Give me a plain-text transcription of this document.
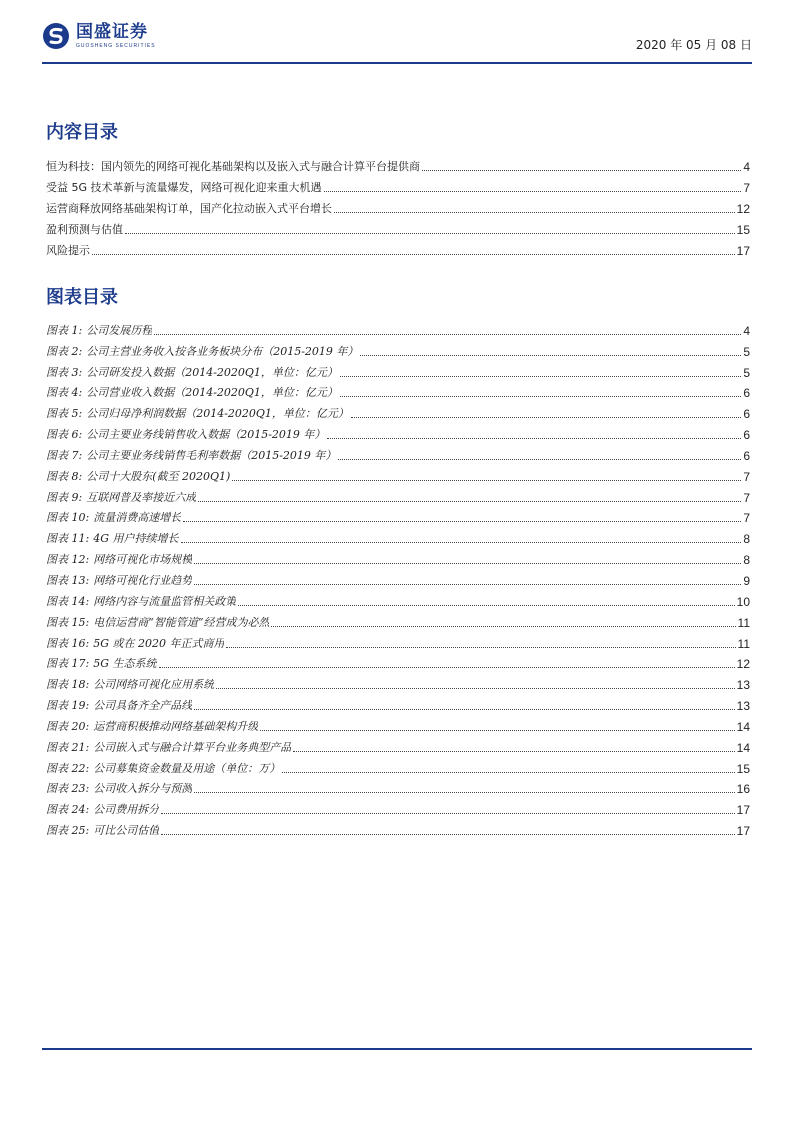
国盛证券
GUOSHENG SECURITIES	2020 年 05 月 08 日
内容目录
恒为科技：国内领先的网络可视化基础架构以及嵌入式与融合计算平台提供商	4
受益 5G 技术革新与流量爆发，网络可视化迎来重大机遇	7
运营商释放网络基础架构订单，国产化拉动嵌入式平台增长	12
盈利预测与估值	15
风险提示	17
图表目录
图表 1: 公司发展历程	4
图表 2: 公司主营业务收入按各业务板块分布（2015-2019 年）	5
图表 3: 公司研发投入数据（2014-2020Q1，单位：亿元）	5
图表 4: 公司营业收入数据（2014-2020Q1，单位：亿元）	6
图表 5: 公司归母净利润数据（2014-2020Q1，单位：亿元）	6
图表 6: 公司主要业务线销售收入数据（2015-2019 年）	6
图表 7: 公司主要业务线销售毛利率数据（2015-2019 年）	6
图表 8: 公司十大股东(截至 2020Q1)	7
图表 9: 互联网普及率接近六成	7
图表 10: 流量消费高速增长	7
图表 11: 4G 用户持续增长	8
图表 12: 网络可视化市场规模	8
图表 13: 网络可视化行业趋势	9
图表 14: 网络内容与流量监管相关政策	10
图表 15: 电信运营商“智能管道”经营成为必然	11
图表 16: 5G 或在 2020 年正式商用	11
图表 17: 5G 生态系统	12
图表 18: 公司网络可视化应用系统	13
图表 19: 公司具备齐全产品线	13
图表 20: 运营商积极推动网络基础架构升级	14
图表 21: 公司嵌入式与融合计算平台业务典型产品	14
图表 22: 公司募集资金数量及用途（单位：万）	15
图表 23: 公司收入拆分与预测	16
图表 24: 公司费用拆分	17
图表 25: 可比公司估值	17
